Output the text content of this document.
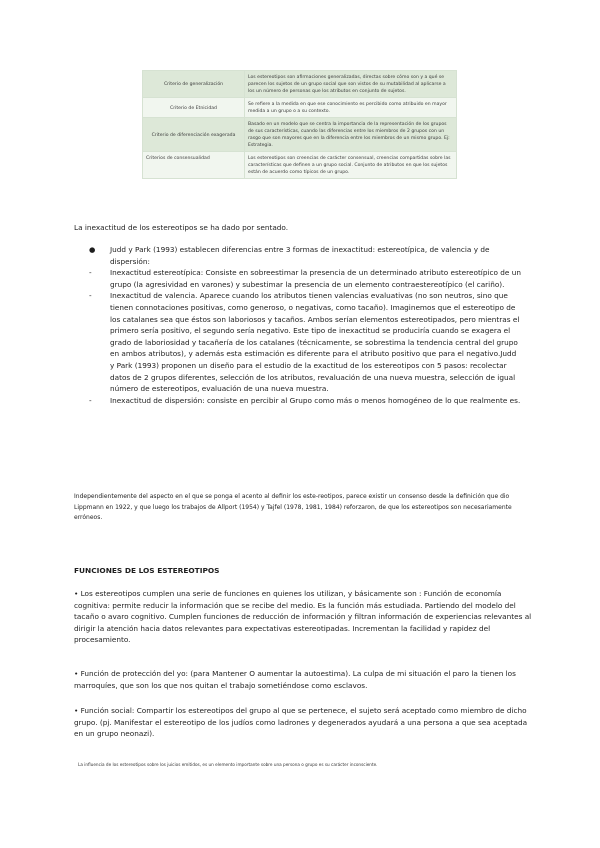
Criterio de generalización	Los estereotipos son afirmaciones generalizadas, directas sobre cómo son y a qué se parecen los sujetos de un grupo social que son vistos de su mutabilidad al aplicarse a los un número de personas que los atributos en conjunto de sujetos.
Criterio de Etnicidad	Se refiere a la medida en que ese conocimiento es percibido como atribuido en mayor medida a un grupo o a su contexto.
Criterio de diferenciación exagerada	Basado en un modelo que se centra la importancia de la representación de los grupos de sus características, cuando las diferencias entre los miembros de 2 grupos con un rasgo que son mayores que en la diferencia entre los miembros de un mismo grupo. Ej: Estrategia.
Criterios de consensualidad	Los estereotipos son creencias de carácter consensual, creencias compartidas sobre las características que definen a un grupo social. Conjunto de atributos en que los sujetos están de acuerdo como típicos de un grupo.

La inexactitud de los estereotipos se ha dado por sentado.

● Judd y Park (1993) establecen diferencias entre 3 formas de inexactitud: estereotípica, de valencia y de dispersión:
-	Inexactitud estereotípica: Consiste en sobreestimar la presencia de un determinado atributo estereotípico de un grupo (la agresividad en varones) y subestimar la presencia de un elemento contraestereotípico (el cariño).
-	Inexactitud de valencia. Aparece cuando los atributos tienen valencias evaluativas (no son neutros, sino que tienen connotaciones positivas, como generoso, o negativas, como tacaño). Imaginemos que el estereotipo de los catalanes sea que éstos son laboriosos y tacaños. Ambos serían elementos estereotipados, pero mientras el primero sería positivo, el segundo sería negativo. Este tipo de inexactitud se produciría cuando se exagera el grado de laboriosidad y tacañería de los catalanes (técnicamente, se sobrestima la tendencia central del grupo en ambos atributos), y además esta estimación es diferente para el atributo positivo que para el negativo.Judd y Park (1993) proponen un diseño para el estudio de la exactitud de los estereotipos con 5 pasos: recolectar datos de 2 grupos diferentes, selección de los atributos, revaluación de una nueva muestra, selección de igual número de estereotipos, evaluación de una nueva muestra.
-	Inexactitud de dispersión: consiste en percibir al Grupo como más o menos homogéneo de lo que realmente es.

Independientemente del aspecto en el que se ponga el acento al definir los este-reotipos, parece existir un consenso desde la definición que dio Lippmann en 1922, y que luego los trabajos de Allport (1954) y Tajfel (1978, 1981, 1984) reforzaron, de que los estereotipos son necesariamente erróneos.

FUNCIONES DE LOS ESTEREOTIPOS

• Los estereotipos cumplen una serie de funciones en quienes los utilizan, y básicamente son : Función de economía cognitiva: permite reducir la información que se recibe del medio. Es la función más estudiada. Partiendo del modelo del tacaño o avaro cognitivo. Cumplen funciones de reducción de información y filtran información de experiencias relevantes al dirigir la atención hacia datos relevantes para expectativas estereotipadas. Incrementan la facilidad y rapidez del procesamiento.

• Función de protección del yo: (para Mantener O aumentar la autoestima). La culpa de mi situación el paro la tienen los marroquíes, que son los que nos quitan el trabajo sometiéndose como esclavos.

• Función social: Compartir los estereotipos del grupo al que se pertenece, el sujeto será aceptado como miembro de dicho grupo. (pj. Manifestar el estereotipo de los judíos como ladrones y degenerados ayudará a una persona a que sea aceptada en un grupo neonazi).

La influencia de los estereotipos sobre los juicios emitidos, es un elemento importante sobre una persona o grupo es su carácter inconsciente.
